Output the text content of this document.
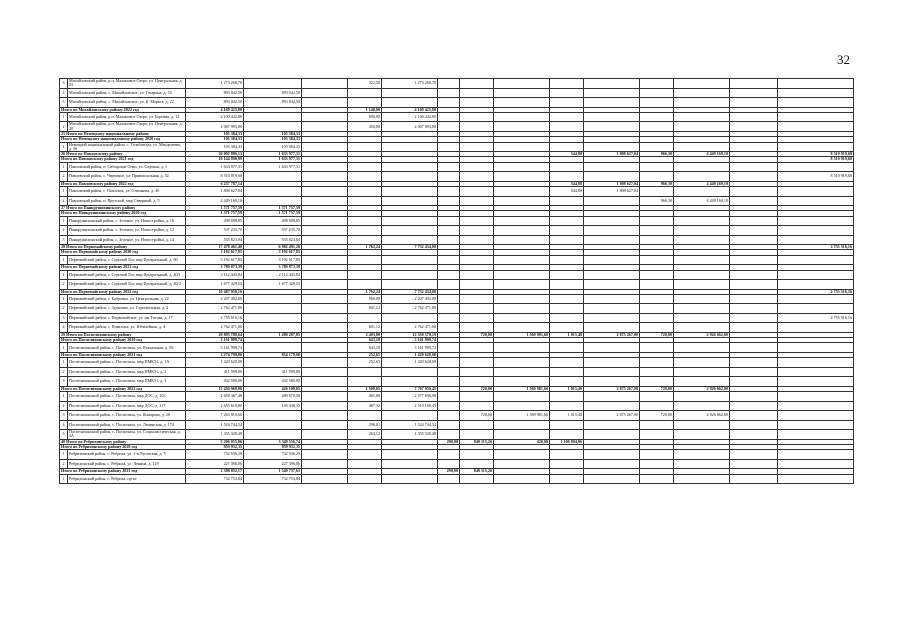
32
3	Михайловский район, р.п. Малиновое Озеро, ул. Центральная, д. 23	1 273 268,70			322,50	1 273 268,70									
4	Михайловский район, с. Михайловское, ул. Гагарина, д. 54	893 042,50	893 042,50												
5	Михайловский район, с. Михайловское, ул. К. Маркса, д. 22	893 042,50	893 042,50												
Итого по Михайловскому району 2022 год		4 169 425,80			1 140,00	4 169 425,80									
1	Михайловский район, р.п. Малиновое Озеро, ул. Боровая, д. 12	2 100 442,80			690,00	2 100 442,80									
2	Михайловский район, р.п. Малиновое Озеро, ул. Центральная, д. 20	2 067 993,00			450,00	2 067 993,00									
25 Итого по Немецкому национальному району		105 384,33	105 384,33												
Итого по Немецкому национальному району 2020 год		105 384,33	105 384,33												
1	Немецкий национальный район, с. Гальбштадт, ул. Менделеева, д. 56	105 384,33	105 384,33												
26 Итого по Павловскому району		26 002 886,13	1 633 977,31							544,80	1 808 627,04	966,30	4 449 169,10		8 510 919,68
Итого по Павловскому району 2021 год		10 144 896,99	1 633 977,31												8 510 919,68
1	Павловский район, п. Сибирские Огни, ул. Садовая, д. 1	1 633 977,31	1 633 977,31												
2	Павловский район, с. Черемное, ул. Привокзальная, д. 52	8 510 919,68													8 510 919,68
Итого по Павловскому району 2022 год		6 257 787,14								544,80	1 808 627,04	966,30	4 449 169,10		
1	Павловский район, с. Павловск, ул. Олешкова, д. 40	1 808 627,04								544,80	1 808 627,04				
2	Павловский район, п. Прутской, мкр Северный, д. 5	4 449 160,10										966,30	4 449 160,10		
27 Итого по Панкрушихинскому району		1 571 757,59	1 571 757,59												
Итого по Панкрушихинскому району 2020 год		1 571 757,59	1 571 757,59												
1	Панкрушихинский район, с. Зеленое, ул. Новостройка, д. 16	498 698,85	498 698,85												
2	Панкрушихинский район, с. Зеленое, ул. Новостройка, д. 12	537 235,70	537 235,70												
3	Панкрушихинский район, с. Зеленое, ул. Новостройка, д. 14	535 823,04	535 823,04												
28 Итого по Первомайскому району		17 478 461,40	6 982 491,26		1 762,24	7 732 434,00									2 755 516,16
Итого по Первомайскому району 2020 год		3 192 617,85	3 192 617,85												
1	Первомайский район, с. Сорочий Лог, мкр Центральный, д. 60	3 192 617,85	3 192 617,85												
Итого по Первомайскому району 2021 год		3 789 873,39	3 789 873,39												
1	Первомайский район, с. Сорочий Лог, мкр Центральный, д. 40/1	2 112 443,84	2 112 443,84												
2	Первомайский район, с. Сорочий Лог, мкр Центральный, д. 40/2	1 677 429,55	1 677 429,55												
Итого по Первомайскому району 2022 год		10 487 950,16			1 762,24	7 732 434,00									2 755 516,16
1	Первомайский район, с. Бобровка, ул. Центральная, д. 22	2 207 492,00			560,00	2 207 492,00									
2	Первомайский район, с. Зудилово, ул. Строительная, д. 2	2 762 471,00			601,12	2 762 471,00									
3	Первомайский район, с. Первомайское, ул. им Титова, д. 17	2 755 516,16													2 755 516,16
4	Первомайский район, с. Повалиха, ул. Юбилейная, д. 4	2 762 471,00			601,12	2 762 471,00									
29 Итого по Поспелихинскому району		20 893 788,64	1 280 287,85		2 403,80	12 350 570,19		720,00	1 569 981,60	1 015,40	2 875 267,00	720,00	2 826 662,00		
Итого по Поспелихинскому району 2020 год		3 161 999,74			643,18	3 161 999,74									
1	Поспелихинский район, с. Поспелиха, ул. Вокзальная, д. 56	3 161 999,74			643,18	3 161 999,74									
Итого по Поспелихинскому району 2021 год		2 274 799,00	854 179,00		252,65	1 420 620,00									
1	Поспелихинский район, с. Поспелиха, мкр ПМК51, д. 1А	1 420 620,00			252,65	1 420 620,00									
2	Поспелихинский район, с. Поспелиха, мкр ПМК51, д. 2	411 599,00	411 599,00												
3	Поспелихинский район, с. Поспелиха, мкр ПМК51, д. 3	442 580,00	442 580,00												
Итого по Поспелихинскому району 2022 год		15 456 969,90	426 108,85		1 508,05	7 767 950,45		720,00	1 569 981,60	1 015,40	2 875 267,00	720,00	2 826 662,00		
1	Поспелихинский район, с. Поспелиха, мкр ДОС, д. 103	2 658 367,48	280 670,50		461,60	2 377 696,98									
2	Поспелихинский район, с. Поспелиха, мкр ДОС, д. 117	2 655 618,80	145 438,35		487,32	2 510 180,45									
3	Поспелихинский район, с. Поспелиха, ул. Комарова, д. 28	7 263 910,60						720,00	1 569 981,60	1 015,40	2 875 267,00	720,00	2 826 662,00		
4	Поспелихинский район, с. Поспелиха, ул. Ленинская, д. 174	1 524 744,54			296,01	1 524 744,54									
5	Поспелихинский район, с. Поспелиха, ул. Социалистическая, д. 3А	1 355 328,48			263,12	1 355 328,48									
40 Итого по Ребрихинскому району		5 206 055,06	3 349 556,74				290,00	849 115,26	420,00	1 106 994,06					
Итого по Ребрихинскому району 2020 год		959 932,35	959 932,35												
1	Ребрихинский район, с. Ребриха, ул. 1-я Луговская, д. 5	732 536,29	732 536,29												
2	Ребрихинский район, с. Ребриха, ул. Ленина, д. 129	227 396,06	227 396,06												
Итого по Ребрихинскому району 2021 год		2 398 852,17	1 549 737,61				290,00	849 115,26							
1	Ребрихинский район, с. Ребриха, пр-кт	732 753,84	732 753,84												
